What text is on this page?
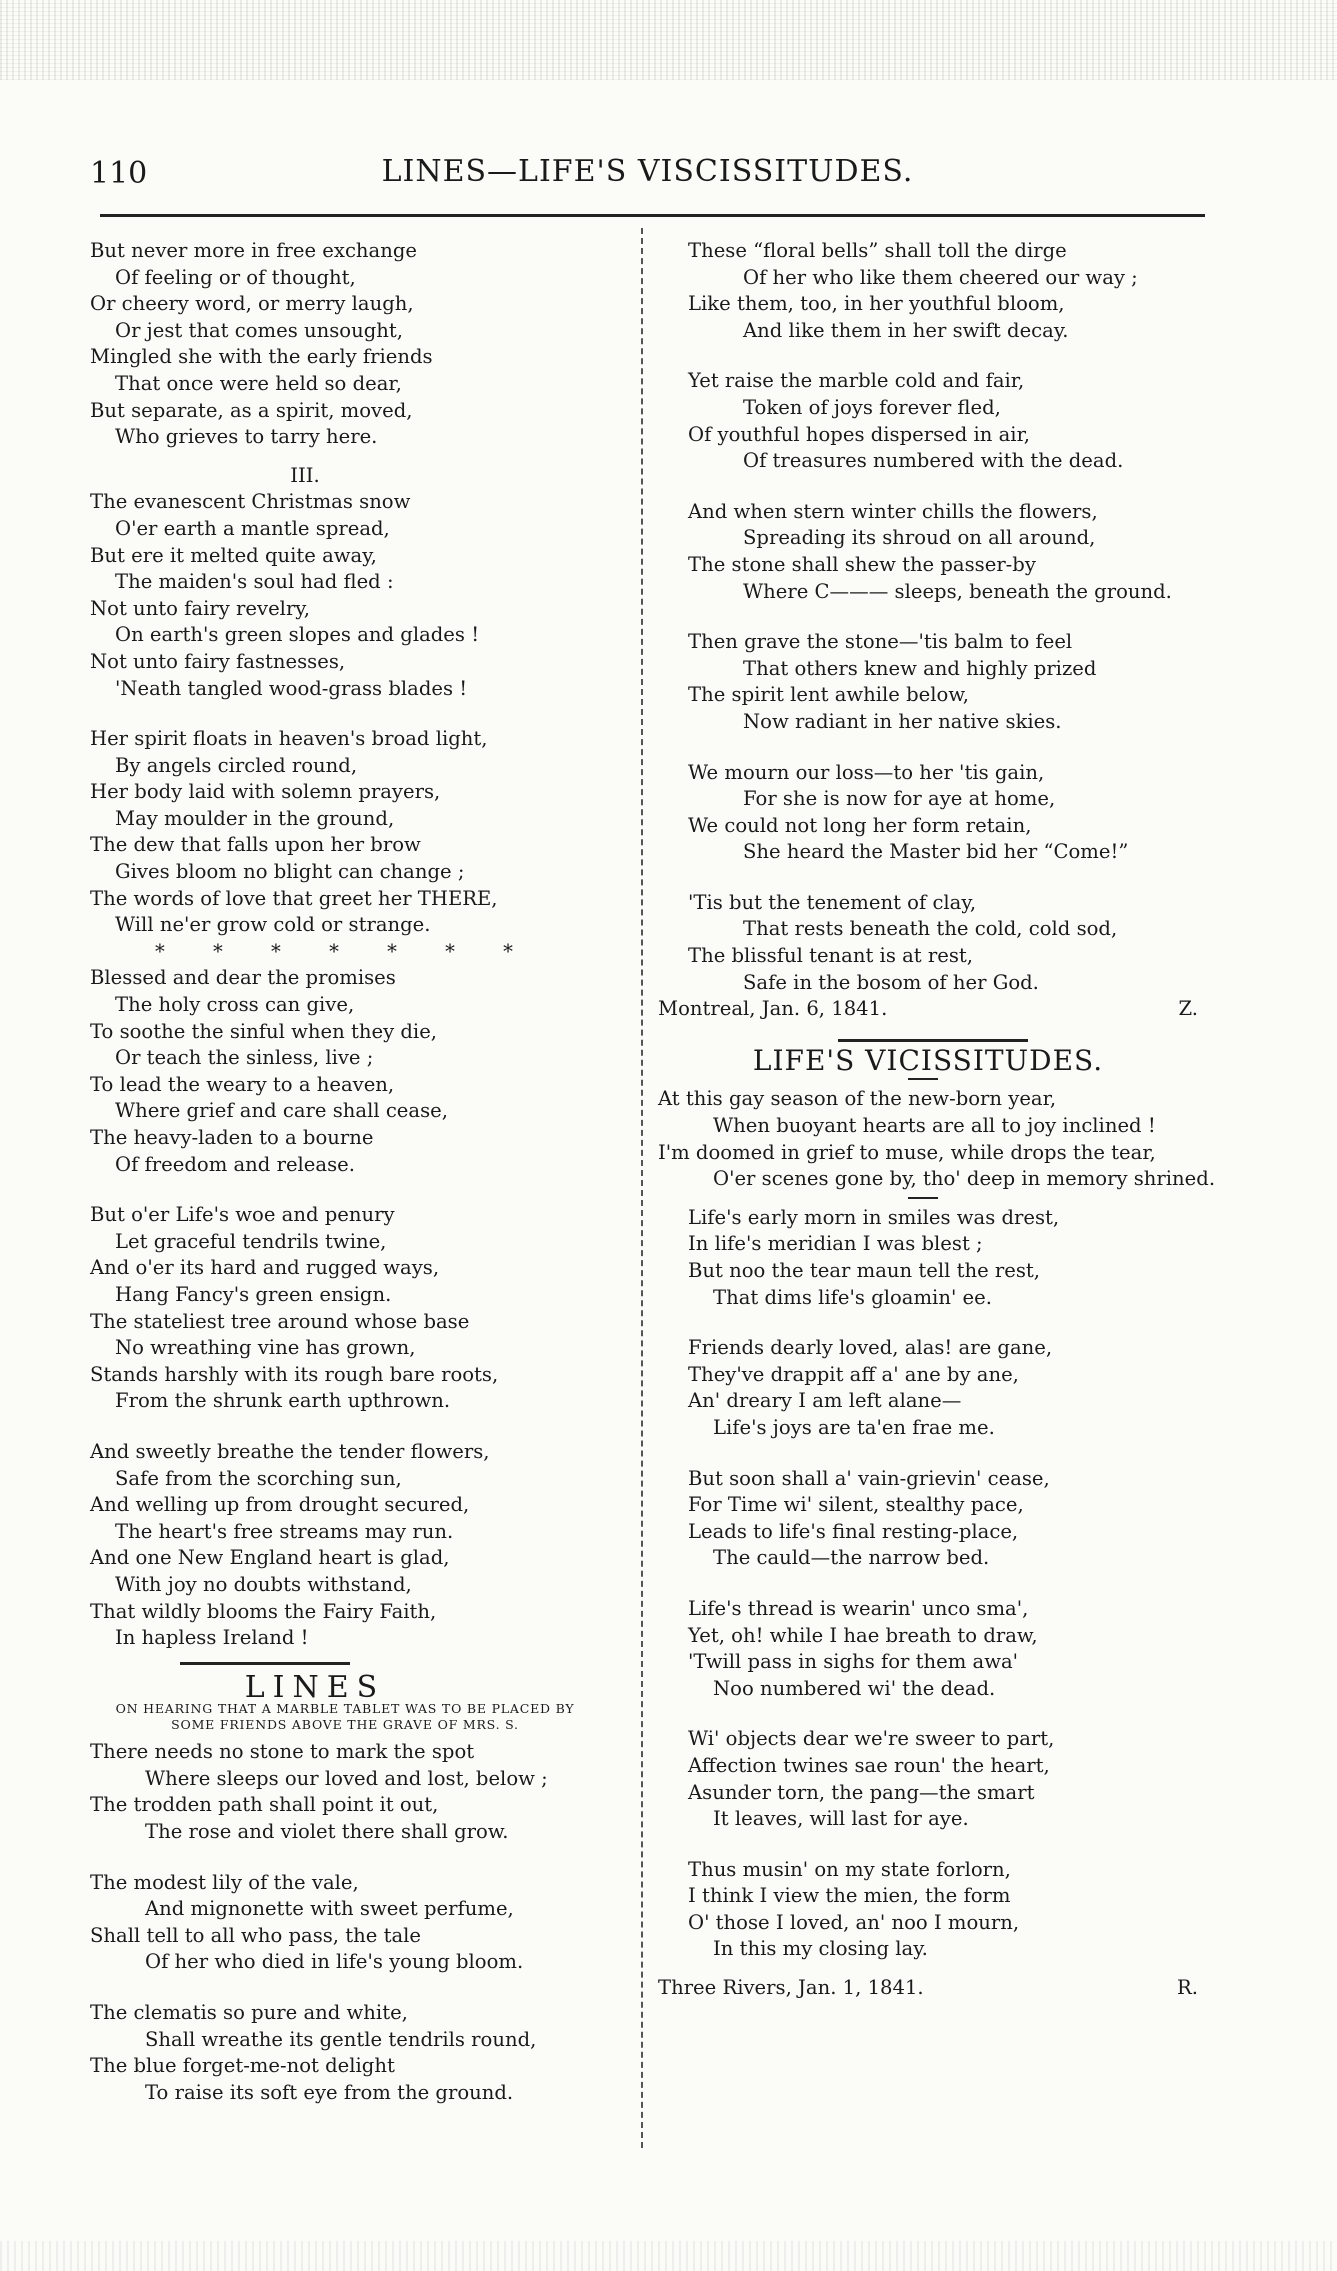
110	LINES—LIFE'S VISCISSITUDES.
But never more in free exchange
Of feeling or of thought,
Or cheery word, or merry laugh,
Or jest that comes unsought,
Mingled she with the early friends
That once were held so dear,
But separate, as a spirit, moved,
Who grieves to tarry here.
III.
The evanescent Christmas snow
O'er earth a mantle spread,
But ere it melted quite away,
The maiden's soul had fled :
Not unto fairy revelry,
On earth's green slopes and glades !
Not unto fairy fastnesses,
'Neath tangled wood-grass blades !
Her spirit floats in heaven's broad light,
By angels circled round,
Her body laid with solemn prayers,
May moulder in the ground,
The dew that falls upon her brow
Gives bloom no blight can change ;
The words of love that greet her THERE,
Will ne'er grow cold or strange.
* * * * * * *
Blessed and dear the promises
The holy cross can give,
To soothe the sinful when they die,
Or teach the sinless, live ;
To lead the weary to a heaven,
Where grief and care shall cease,
The heavy-laden to a bourne
Of freedom and release.
But o'er Life's woe and penury
Let graceful tendrils twine,
And o'er its hard and rugged ways,
Hang Fancy's green ensign.
The stateliest tree around whose base
No wreathing vine has grown,
Stands harshly with its rough bare roots,
From the shrunk earth upthrown.
And sweetly breathe the tender flowers,
Safe from the scorching sun,
And welling up from drought secured,
The heart's free streams may run.
And one New England heart is glad,
With joy no doubts withstand,
That wildly blooms the Fairy Faith,
In hapless Ireland !
LINES
ON HEARING THAT A MARBLE TABLET WAS TO BE PLACED BY
SOME FRIENDS ABOVE THE GRAVE OF MRS. S.
There needs no stone to mark the spot
Where sleeps our loved and lost, below ;
The trodden path shall point it out,
The rose and violet there shall grow.
The modest lily of the vale,
And mignonette with sweet perfume,
Shall tell to all who pass, the tale
Of her who died in life's young bloom.
The clematis so pure and white,
Shall wreathe its gentle tendrils round,
The blue forget-me-not delight
To raise its soft eye from the ground.
These “floral bells” shall toll the dirge
Of her who like them cheered our way ;
Like them, too, in her youthful bloom,
And like them in her swift decay.
Yet raise the marble cold and fair,
Token of joys forever fled,
Of youthful hopes dispersed in air,
Of treasures numbered with the dead.
And when stern winter chills the flowers,
Spreading its shroud on all around,
The stone shall shew the passer-by
Where C——— sleeps, beneath the ground.
Then grave the stone—'tis balm to feel
That others knew and highly prized
The spirit lent awhile below,
Now radiant in her native skies.
We mourn our loss—to her 'tis gain,
For she is now for aye at home,
We could not long her form retain,
She heard the Master bid her “Come!”
'Tis but the tenement of clay,
That rests beneath the cold, cold sod,
The blissful tenant is at rest,
Safe in the bosom of her God.
Montreal, Jan. 6, 1841.	Z.
LIFE'S VICISSITUDES.
At this gay season of the new-born year,
When buoyant hearts are all to joy inclined !
I'm doomed in grief to muse, while drops the tear,
O'er scenes gone by, tho' deep in memory shrined.
Life's early morn in smiles was drest,
In life's meridian I was blest ;
But noo the tear maun tell the rest,
That dims life's gloamin' ee.
Friends dearly loved, alas! are gane,
They've drappit aff a' ane by ane,
An' dreary I am left alane—
Life's joys are ta'en frae me.
But soon shall a' vain-grievin' cease,
For Time wi' silent, stealthy pace,
Leads to life's final resting-place,
The cauld—the narrow bed.
Life's thread is wearin' unco sma',
Yet, oh! while I hae breath to draw,
'Twill pass in sighs for them awa'
Noo numbered wi' the dead.
Wi' objects dear we're sweer to part,
Affection twines sae roun' the heart,
Asunder torn, the pang—the smart
It leaves, will last for aye.
Thus musin' on my state forlorn,
I think I view the mien, the form
O' those I loved, an' noo I mourn,
In this my closing lay.
Three Rivers, Jan. 1, 1841.	R.
